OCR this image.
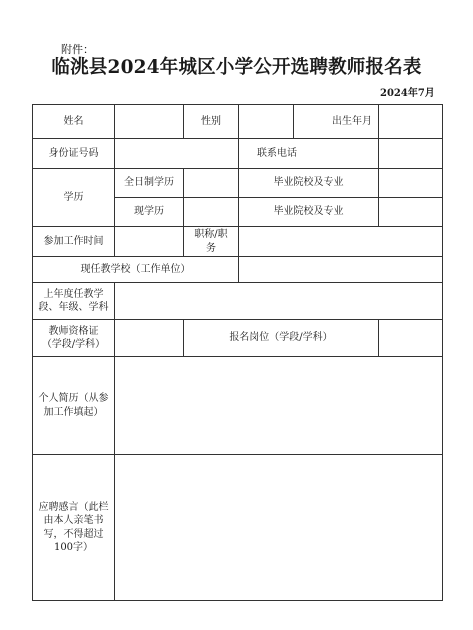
附件：
临洮县2024年城区小学公开选聘教师报名表
2024年7月
姓名		性别		出生年月	
身份证号码			联系电话		
学历	全日制学历		毕业院校及专业		
	现学历		毕业院校及专业		
参加工作时间		职称/职务			
现任教学校（工作单位）					
上年度任教学段、年级、学科					
教师资格证（学段/学科）		报名岗位（学段/学科）			
个人简历（从参加工作填起）					
应聘感言（此栏由本人亲笔书写，不得超过100字）					
